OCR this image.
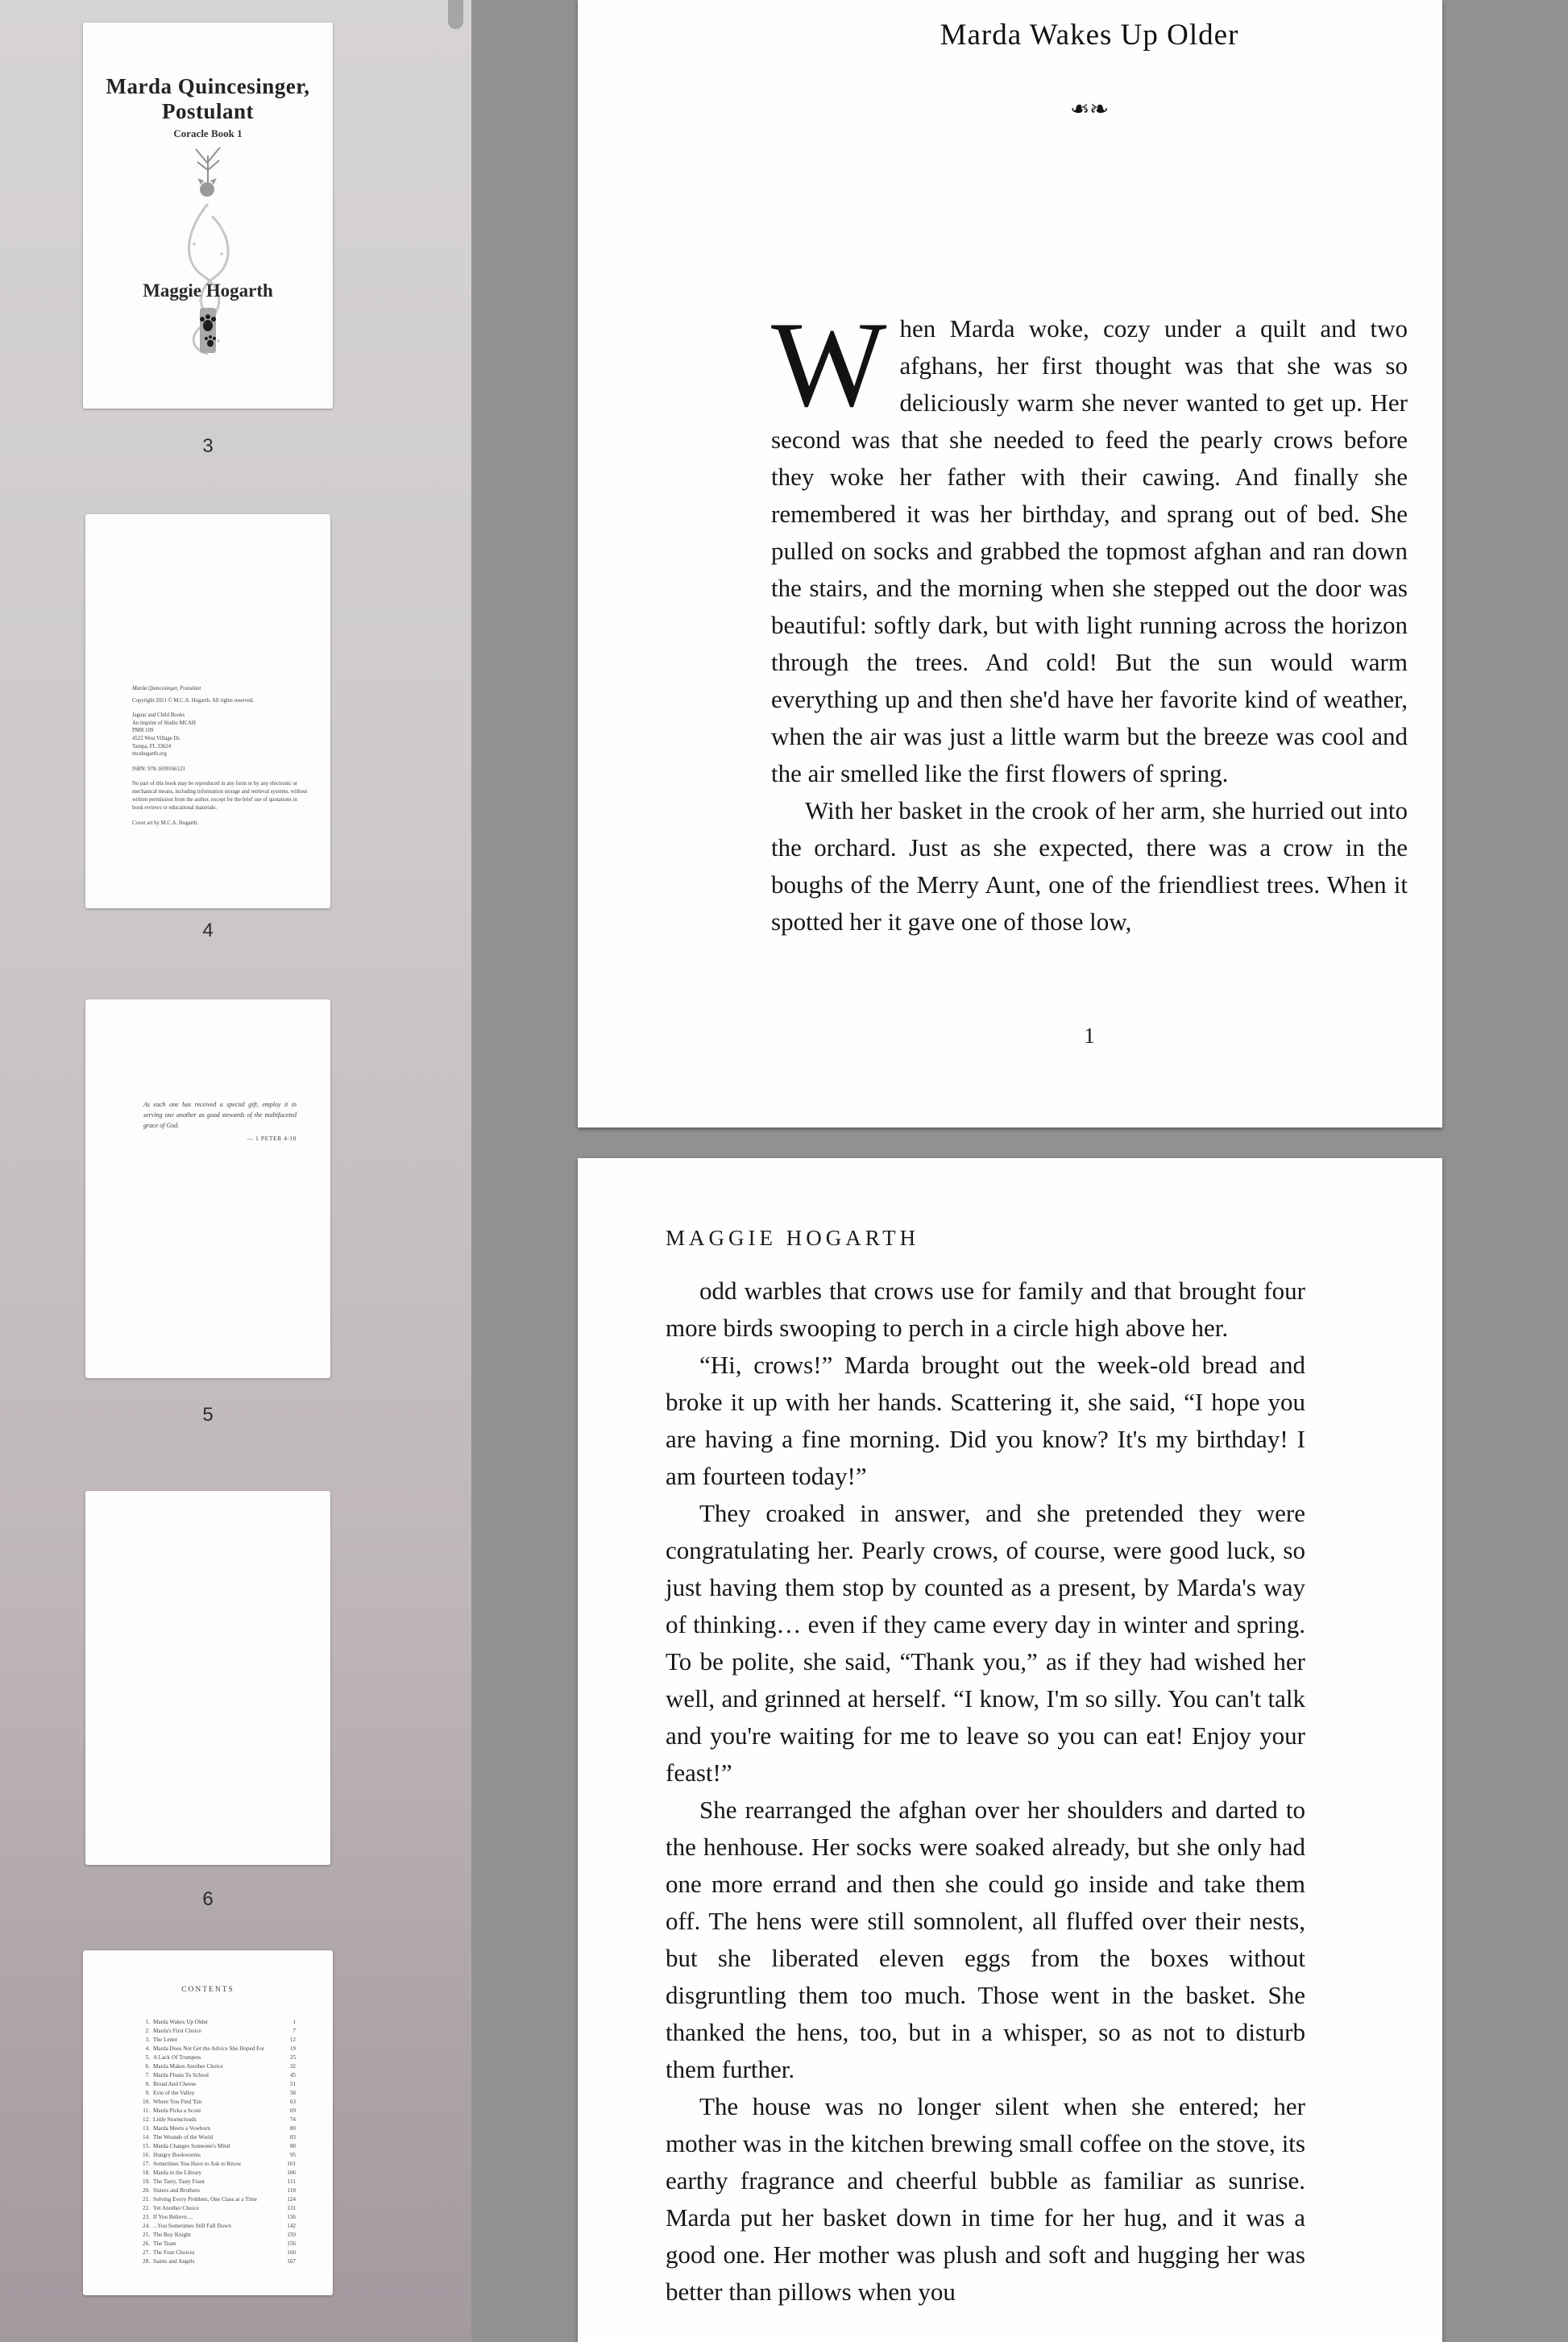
Marda Quincesinger,
Postulant
Coracle Book 1
Maggie Hogarth
3
Marda Quincesinger, Postulant
Copyright 2021 © M.C.A. Hogarth. All rights reserved.
Jaguar and Child Books
An imprint of Studio MCAH
PMB 109
4522 West Village Dr.
Tampa, FL 33624
mcahogarth.org
ISBN: 978-1699166123
No part of this book may be reproduced in any form or by any electronic or mechanical means, including information storage and retrieval systems, without written permission from the author, except for the brief use of quotations in book reviews or educational materials.
Cover art by M.C.A. Hogarth.
4
As each one has received a special gift, employ it in serving one another as good stewards of the multifaceted grace of God.
— 1 PETER 4:10
5
6
CONTENTS
1. Marda Wakes Up Older	1
2. Marda's First Choice	7
3. The Letter	12
4. Marda Does Not Get the Advice She Hoped For	19
5. A Lack Of Trumpets	25
6. Marda Makes Another Choice	32
7. Marda Floats To School	45
8. Bread And Cheese	51
9. Evie of the Valley	58
10. Where You Find 'Em	63
11. Marda Picks a Scout	69
12. Little Stormclouds	74
13. Marda Meets a Vowborn	80
14. The Wounds of the World	83
15. Marda Changes Someone's Mind	88
16. Hungry Bookworms	95
17. Sometimes You Have to Ask to Know	101
18. Marda in the Library	106
19. The Tasty, Tasty Feast	111
20. Sisters and Brothers	118
21. Solving Every Problem, One Class at a Time	124
22. Yet Another Choice	131
23. If You Believe....	136
24. ...You Sometimes Still Fall Down	142
25. The Boy Knight	150
26. The Team	156
27. The Four Choices	160
28. Saints and Angels	167
Marda Wakes Up Older
❧❧

When Marda woke, cozy under a quilt and two afghans, her first thought was that she was so deliciously warm she never wanted to get up. Her second was that she needed to feed the pearly crows before they woke her father with their cawing. And finally she remembered it was her birthday, and sprang out of bed. She pulled on socks and grabbed the topmost afghan and ran down the stairs, and the morning when she stepped out the door was beautiful: softly dark, but with light running across the horizon through the trees. And cold! But the sun would warm everything up and then she'd have her favorite kind of weather, when the air was just a little warm but the breeze was cool and the air smelled like the first flowers of spring.

With her basket in the crook of her arm, she hurried out into the orchard. Just as she expected, there was a crow in the boughs of the Merry Aunt, one of the friendliest trees. When it spotted her it gave one of those low,

1
MAGGIE HOGARTH

odd warbles that crows use for family and that brought four more birds swooping to perch in a circle high above her.

“Hi, crows!” Marda brought out the week-old bread and broke it up with her hands. Scattering it, she said, “I hope you are having a fine morning. Did you know? It's my birthday! I am fourteen today!”

They croaked in answer, and she pretended they were congratulating her. Pearly crows, of course, were good luck, so just having them stop by counted as a present, by Marda's way of thinking… even if they came every day in winter and spring. To be polite, she said, “Thank you,” as if they had wished her well, and grinned at herself. “I know, I'm so silly. You can't talk and you're waiting for me to leave so you can eat! Enjoy your feast!”

She rearranged the afghan over her shoulders and darted to the henhouse. Her socks were soaked already, but she only had one more errand and then she could go inside and take them off. The hens were still somnolent, all fluffed over their nests, but she liberated eleven eggs from the boxes without disgruntling them too much. Those went in the basket. She thanked the hens, too, but in a whisper, so as not to disturb them further.

The house was no longer silent when she entered; her mother was in the kitchen brewing small coffee on the stove, its earthy fragrance and cheerful bubble as familiar as sunrise. Marda put her basket down in time for her hug, and it was a good one. Her mother was plush and soft and hugging her was better than pillows when you
